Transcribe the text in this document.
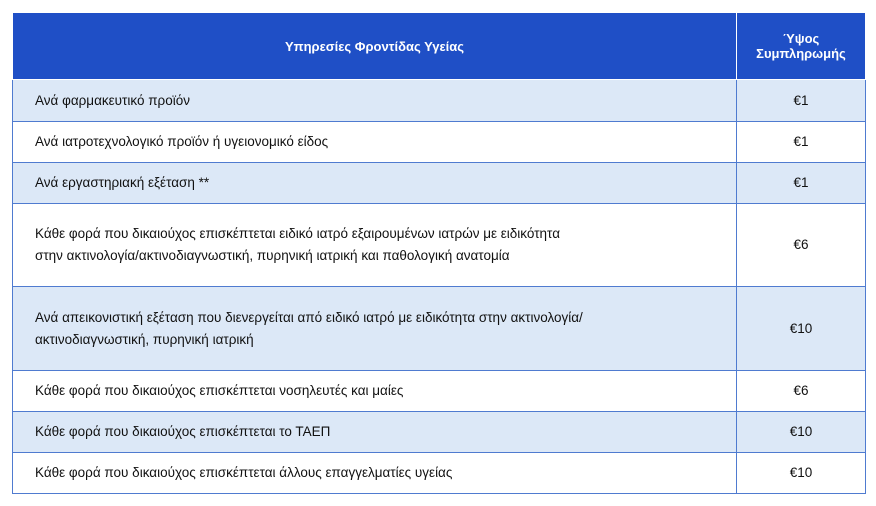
Υπηρεσίες Φροντίδας Υγείας	Ύψος Συμπληρωμής
Ανά φαρμακευτικό προϊόν	€1
Ανά ιατροτεχνολογικό προϊόν ή υγειονομικό είδος	€1
Ανά εργαστηριακή εξέταση **	€1
Κάθε φορά που δικαιούχος επισκέπτεται ειδικό ιατρό εξαιρουμένων ιατρών με ειδικότητα στην ακτινολογία/ακτινοδιαγνωστική, πυρηνική ιατρική και παθολογική ανατομία	€6
Ανά απεικονιστική εξέταση που διενεργείται από ειδικό ιατρό με ειδικότητα στην ακτινολογία/ακτινοδιαγνωστική, πυρηνική ιατρική	€10
Κάθε φορά που δικαιούχος επισκέπτεται νοσηλευτές και μαίες	€6
Κάθε φορά που δικαιούχος επισκέπτεται το ΤΑΕΠ	€10
Κάθε φορά που δικαιούχος επισκέπτεται άλλους επαγγελματίες υγείας	€10
